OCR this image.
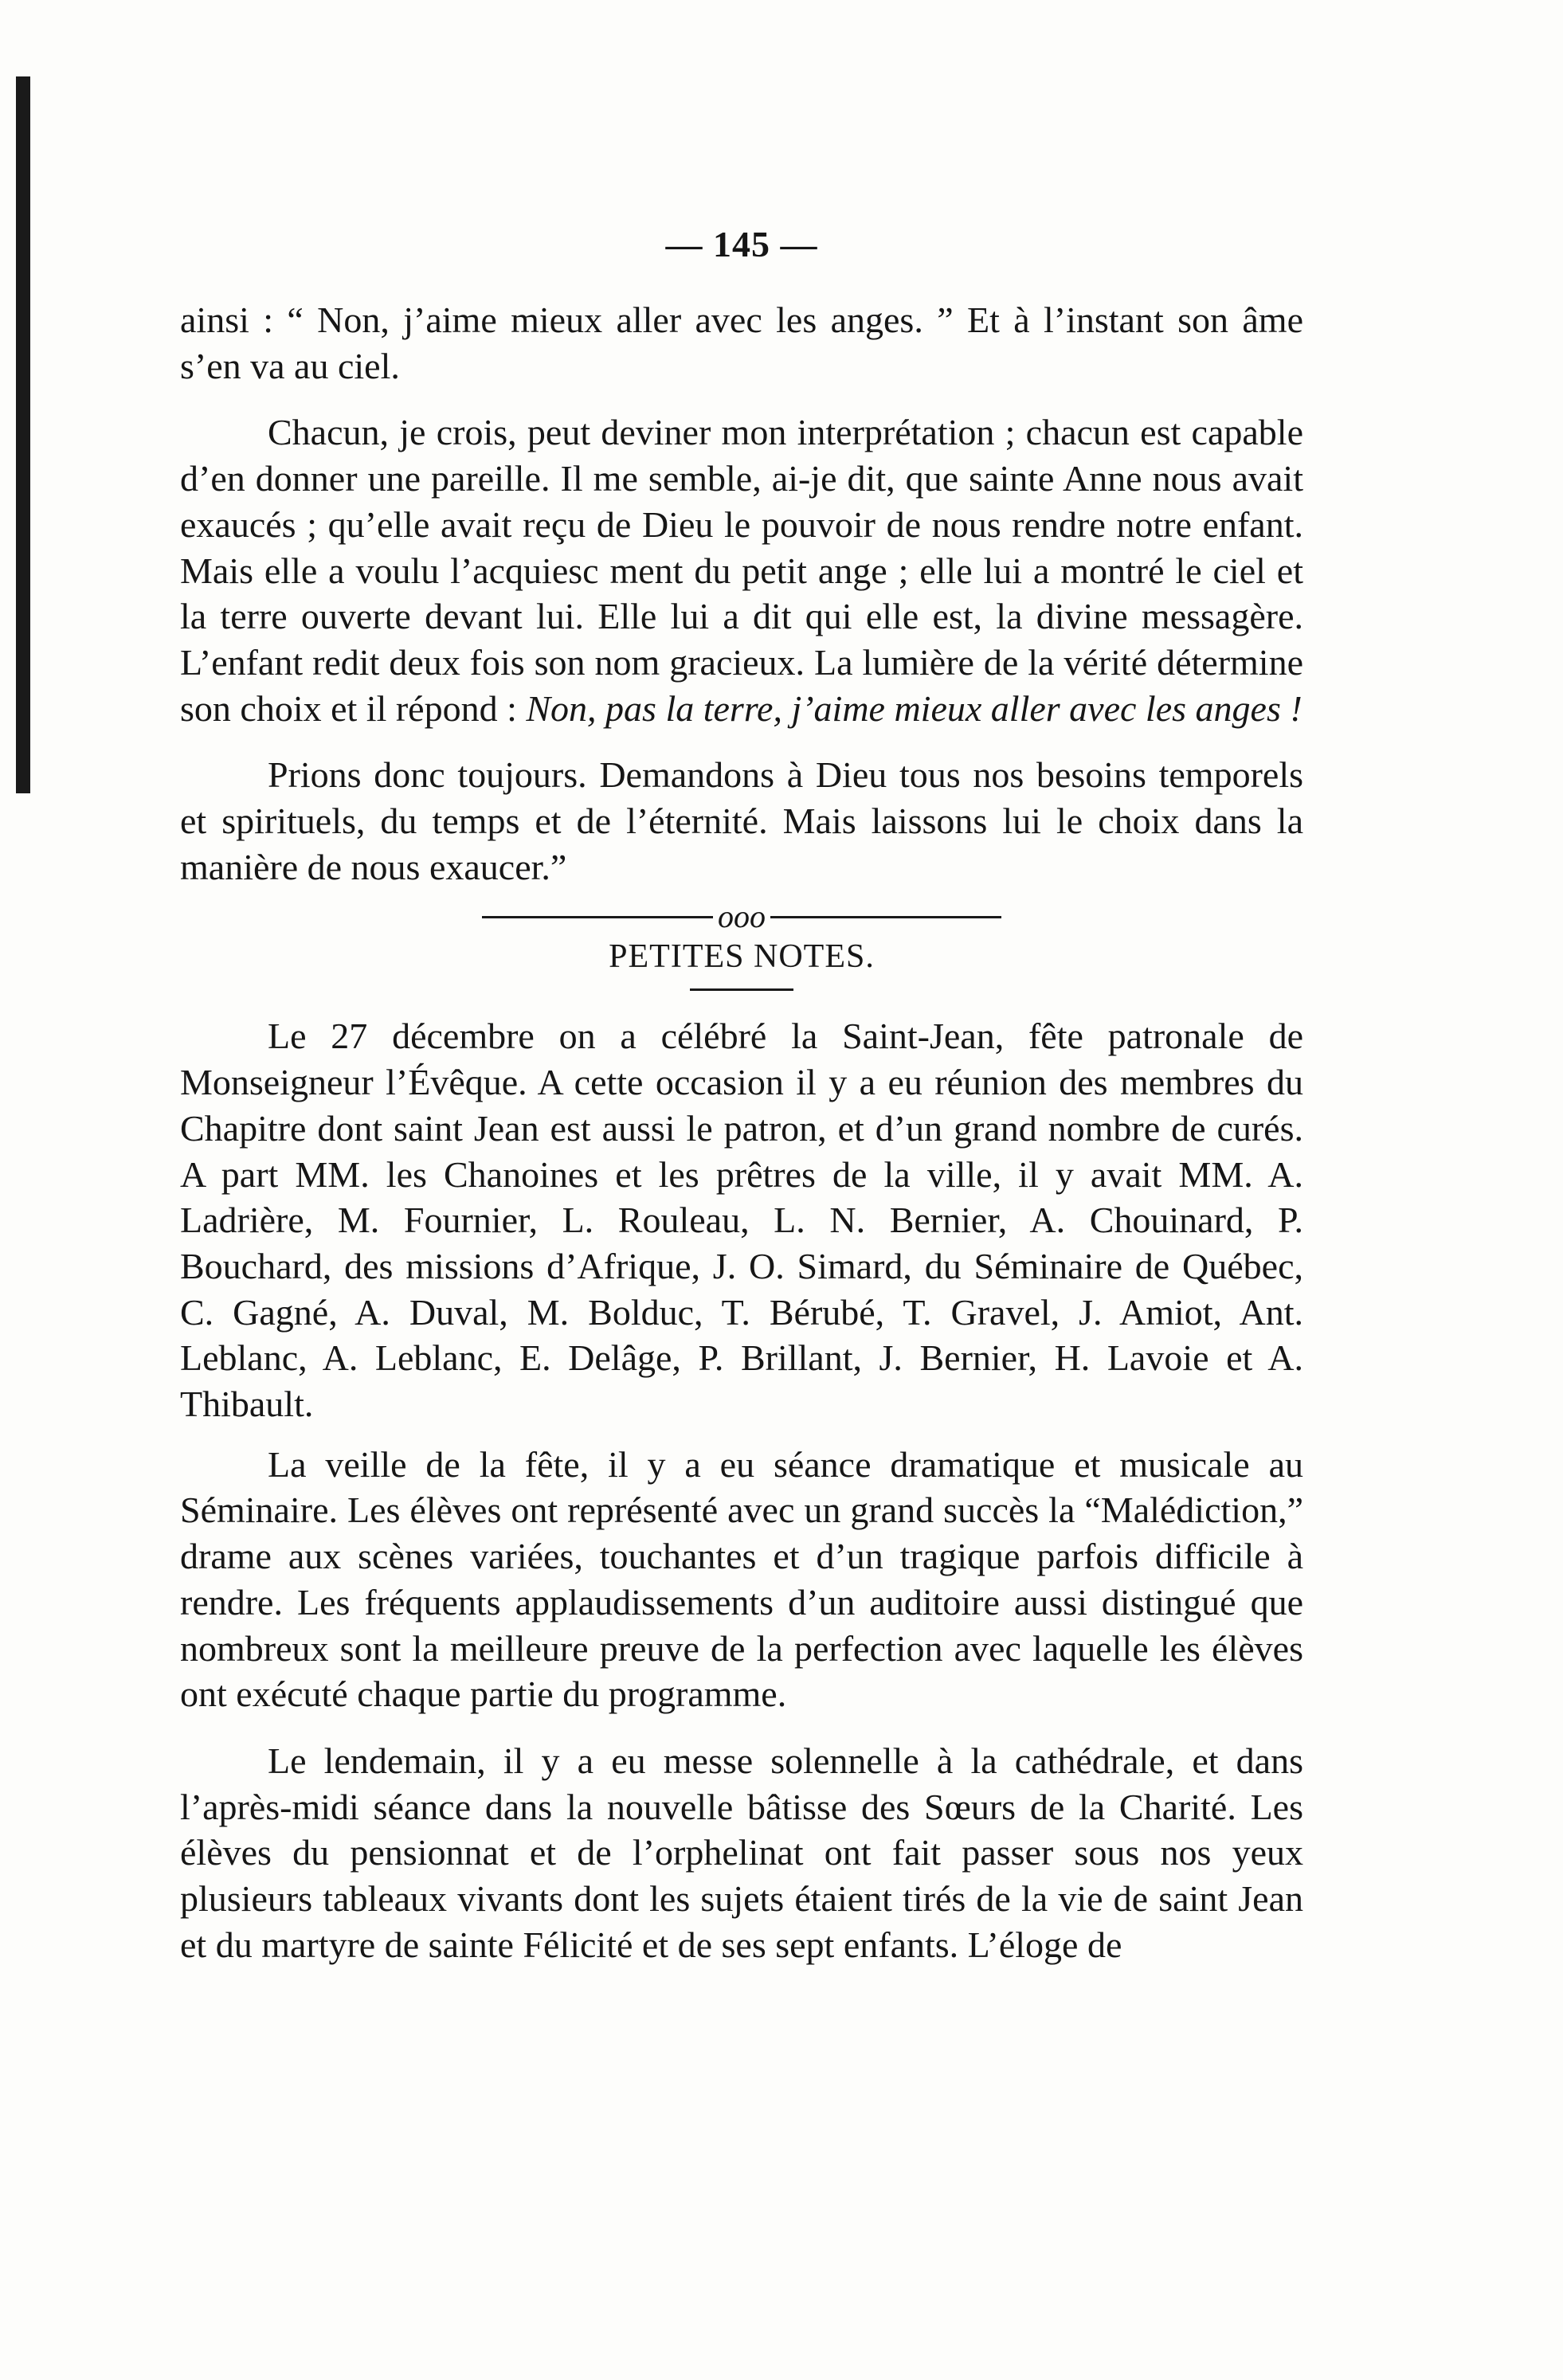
— 145 —

ainsi : “ Non, j’aime mieux aller avec les anges. ” Et à l’instant son âme s’en va au ciel.

Chacun, je crois, peut deviner mon interprétation ; chacun est capable d’en donner une pareille. Il me semble, ai-je dit, que sainte Anne nous avait exaucés ; qu’elle avait reçu de Dieu le pouvoir de nous rendre notre enfant. Mais elle a voulu l’acquiesc ment du petit ange ; elle lui a montré le ciel et la terre ouverte devant lui. Elle lui a dit qui elle est, la divine messagère. L’enfant redit deux fois son nom gracieux. La lumière de la vérité détermine son choix et il répond : Non, pas la terre, j’aime mieux aller avec les anges !

Prions donc toujours. Demandons à Dieu tous nos besoins temporels et spirituels, du temps et de l’éternité. Mais laissons lui le choix dans la manière de nous exaucer.”

ooo
PETITES NOTES.

Le 27 décembre on a célébré la Saint-Jean, fête patronale de Monseigneur l’Évêque. A cette occasion il y a eu réunion des membres du Chapitre dont saint Jean est aussi le patron, et d’un grand nombre de curés. A part MM. les Chanoines et les prêtres de la ville, il y avait MM. A. Ladrière, M. Fournier, L. Rouleau, L. N. Bernier, A. Chouinard, P. Bouchard, des missions d’Afrique, J. O. Simard, du Séminaire de Québec, C. Gagné, A. Duval, M. Bolduc, T. Bérubé, T. Gravel, J. Amiot, Ant. Leblanc, A. Leblanc, E. Delâge, P. Brillant, J. Bernier, H. Lavoie et A. Thibault.

La veille de la fête, il y a eu séance dramatique et musicale au Séminaire. Les élèves ont représenté avec un grand succès la “Malédiction,” drame aux scènes variées, touchantes et d’un tragique parfois difficile à rendre. Les fréquents applaudissements d’un auditoire aussi distingué que nombreux sont la meilleure preuve de la perfection avec laquelle les élèves ont exécuté chaque partie du programme.

Le lendemain, il y a eu messe solennelle à la cathédrale, et dans l’après-midi séance dans la nouvelle bâtisse des Sœurs de la Charité. Les élèves du pensionnat et de l’orphelinat ont fait passer sous nos yeux plusieurs tableaux vivants dont les sujets étaient tirés de la vie de saint Jean et du martyre de sainte Félicité et de ses sept enfants. L’éloge de
